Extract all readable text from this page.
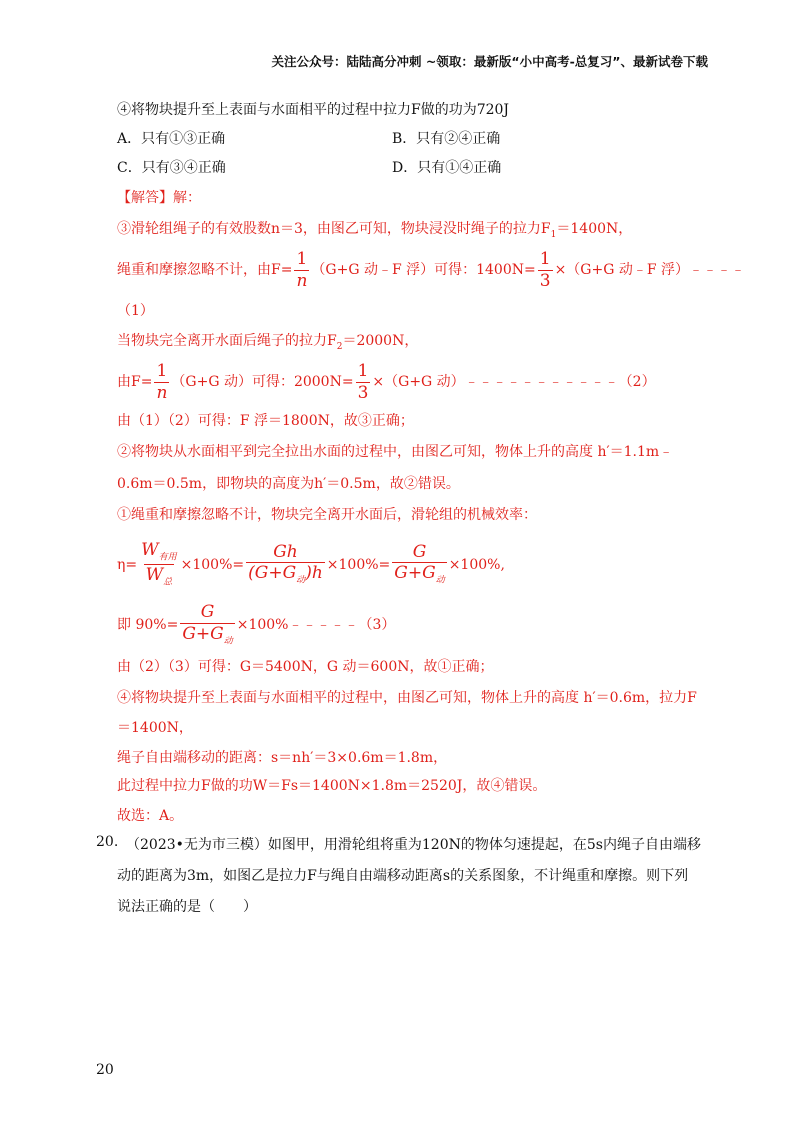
关注公众号：陆陆高分冲刺 ~领取：最新版“小中高考-总复习”、最新试卷下载
④将物块提升至上表面与水面相平的过程中拉力F做的功为720J
A．只有①③正确	B．只有②④正确
C．只有③④正确	D．只有①④正确
【解答】解：
③滑轮组绳子的有效股数n＝3，由图乙可知，物块浸没时绳子的拉力$F_1=1400N$，
绳重和摩擦忽略不计，由$F= \frac{1}{n} (G+G$ 动﹣F 浮）可得：$1400N= \frac{1}{3} \times(G+G$ 动﹣F 浮）﹣﹣﹣﹣
（1）
当物块完全离开水面后绳子的拉力$F_2=2000N$，
由$F= \frac{1}{n} (G+G$ 动）可得：$2000N= \frac{1}{3} \times(G+G$ 动）﹣﹣﹣﹣﹣﹣﹣﹣﹣﹣﹣（2）
由（1）（2）可得：F 浮＝1800N，故③正确；
②将物块从水面相平到完全拉出水面的过程中，由图乙可知，物体上升的高度 h′＝1.1m﹣
0.6m＝0.5m，即物块的高度为h′＝0.5m，故②错误。
①绳重和摩擦忽略不计，物块完全离开水面后，滑轮组的机械效率：
$\eta= \frac{W_{有用}}{W_总} \times 100\%= \frac{Gh}{(G+G_动)h} \times 100\%= \frac{G}{G+G_动} \times 100\%$,
即 $90\%= \frac{G}{G+G_动}$ ×100%﹣﹣﹣﹣﹣（3）
由（2）（3）可得：G＝5400N，G 动＝600N，故①正确；
④将物块提升至上表面与水面相平的过程中，由图乙可知，物体上升的高度 h′＝0.6m，拉力F
＝1400N，
绳子自由端移动的距离：s＝nh′＝3×0.6m＝1.8m，
此过程中拉力F做的功W＝Fs＝1400N×1.8m＝2520J，故④错误。
故选：A。
20. （2023•无为市三模）如图甲，用滑轮组将重为120N的物体匀速提起，在5s内绳子自由端移
动的距离为3m，如图乙是拉力F与绳自由端移动距离s的关系图象，不计绳重和摩擦。则下列
说法正确的是（　　）
20
